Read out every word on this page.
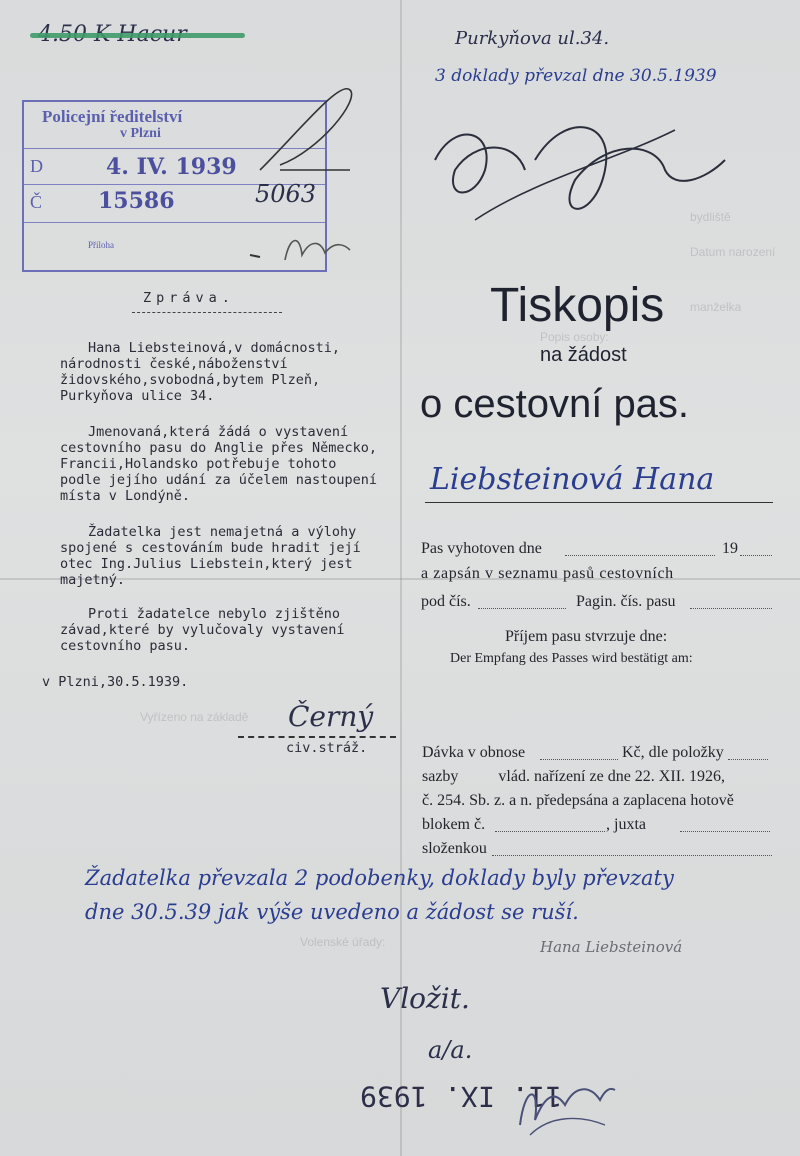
bydliště
Datum narození
manželka
Popis osoby:
Vyřízeno na základě
Volenské úřady:
Purkyňova ul.34.
3 doklady převzal dne 30.5.1939
Policejní ředitelství
v Plzni
D	4. IV. 1939
Č	15586
Příloha
5063
Tiskopis
na žádost
o cestovní pas.
Liebsteinová Hana
Zpráva.
Hana Liebsteinová,v domácnosti,
národnosti české,náboženství
židovského,svobodná,bytem Plzeň,
Purkyňova ulice 34.
Jmenovaná,která žádá o vystavení
cestovního pasu do Anglie přes Německo,
Francii,Holandsko potřebuje tohoto
podle jejího udání za účelem nastoupení
místa v Londýně.
Žadatelka jest nemajetná a výlohy
spojené s cestováním bude hradit její
otec Ing.Julius Liebstein,který jest
majetný.
Proti žadatelce nebylo zjištěno
závad,které by vylučovaly vystavení
cestovního pasu.
v Plzni,30.5.1939.
Černý
civ.stráž.
Pas vyhotoven dne	19
a zapsán v seznamu pasů cestovních
pod čís.	Pagin. čís. pasu
Příjem pasu stvrzuje dne:
Der Empfang des Passes wird bestätigt am:
Dávka v obnose	Kč, dle položky
sazby          vlád. nařízení ze dne 22. XII. 1926,
č. 254. Sb. z. a n. předepsána a zaplacena hotově
blokem č.	, juxta
složenkou
Žadatelka převzala 2 podobenky, doklady byly převzaty
dne 30.5.39 jak výše uvedeno a žádost se ruší.
Hana Liebsteinová
Vložit.
a/a.
11. IX. 1939
